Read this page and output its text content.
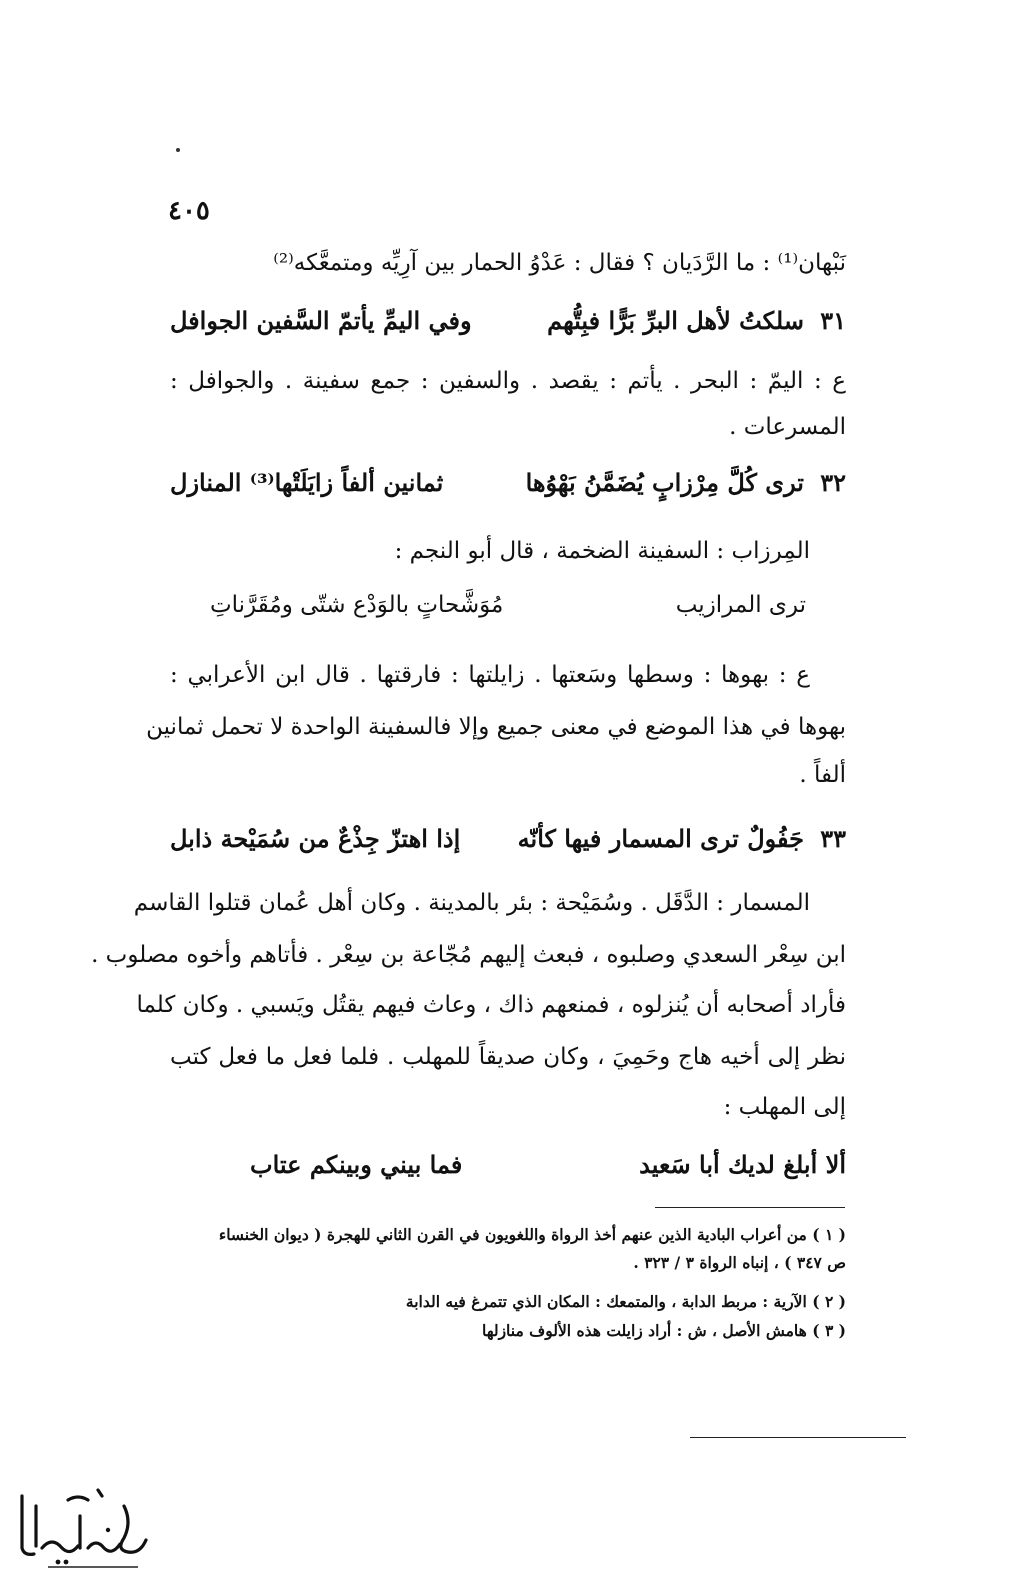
٤٠٥
نَبْهان⁽¹⁾ : ما الرَّدَيان ؟ فقال : عَدْوُ الحمار بين آرِيِّه ومتمعَّكه⁽²⁾
٣١
سلكتُ لأهل البرِّ بَرًّا فبِتُّهم
وفي اليمِّ يأتمّ السَّفين الجوافل
ع : اليمّ : البحر . يأتم : يقصد . والسفين : جمع سفينة . والجوافل :
المسرعات .
٣٢
ترى كُلَّ مِرْزابٍ يُضَمَّنُ بَهْوُها
ثمانين ألفاً زايَلَتْها⁽³⁾ المنازل
المِرزاب : السفينة الضخمة ، قال أبو النجم :
ترى المرازيب
مُوَشَّحاتٍ بالوَدْع شتّى ومُقَرَّناتِ
ع : بهوها : وسطها وسَعتها . زايلتها : فارقتها . قال ابن الأعرابي :
بهوها في هذا الموضع في معنى جميع وإلا فالسفينة الواحدة لا تحمل ثمانين
ألفاً .
٣٣
جَفُولٌ ترى المسمار فيها كأنّه
إذا اهتزّ جِذْعٌ من سُمَيْحة ذابل
المسمار : الدَّقَل . وسُمَيْحة : بئر بالمدينة . وكان أهل عُمان قتلوا القاسم
ابن سِعْر السعدي وصلبوه ، فبعث إليهم مُجّاعة بن سِعْر . فأتاهم وأخوه مصلوب .
فأراد أصحابه أن يُنزلوه ، فمنعهم ذاك ، وعاث فيهم يقتُل ويَسبي . وكان كلما
نظر إلى أخيه هاج وحَمِيَ ، وكان صديقاً للمهلب . فلما فعل ما فعل كتب
إلى المهلب :
ألا أبلغ لديك أبا سَعيد
فما بيني وبينكم عتاب
( ١ ) من أعراب البادية الذين عنهم أخذ الرواة واللغويون في القرن الثاني للهجرة ( ديوان الخنساء
ص ٣٤٧ ) ، إنباه الرواة ٣ / ٣٢٣ .
( ٢ ) الآرية : مربط الدابة ، والمتمعك : المكان الذي تتمرغ فيه الدابة
( ٣ ) هامش الأصل ، ش : أراد زايلت هذه الألوف منازلها
